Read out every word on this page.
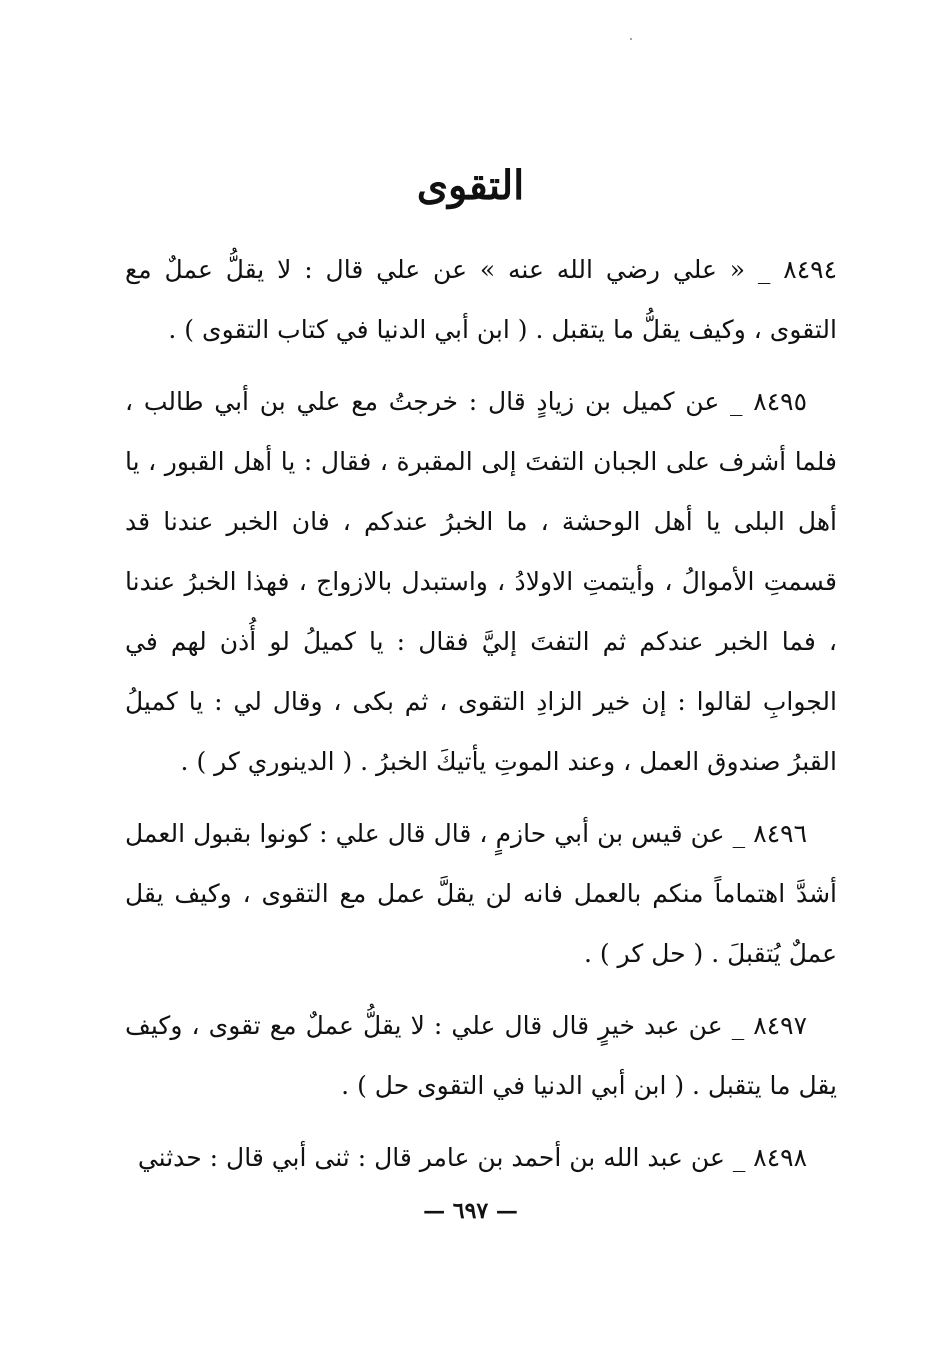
التقوى

٨٤٩٤ _ « علي رضي الله عنه » عن علي قال : لا يقلُّ عملٌ مع التقوى ، وكيف يقلُّ ما يتقبل . ( ابن أبي الدنيا في كتاب التقوى ) .

٨٤٩٥ _ عن كميل بن زيادٍ قال : خرجتُ مع علي بن أبي طالب ، فلما أشرف على الجبان التفتَ إلى المقبرة ، فقال : يا أهل القبور ، يا أهل البلى يا أهل الوحشة ، ما الخبرُ عندكم ، فان الخبر عندنا قد قسمتِ الأموالُ ، وأيتمتِ الاولادُ ، واستبدل بالازواج ، فهذا الخبرُ عندنا ، فما الخبر عندكم ثم التفتَ إليَّ فقال : يا كميلُ لو أُذن لهم في الجوابِ لقالوا : إن خير الزادِ التقوى ، ثم بكى ، وقال لي : يا كميلُ القبرُ صندوق العمل ، وعند الموتِ يأتيكَ الخبرُ . ( الدينوري كر ) .

٨٤٩٦ _ عن قيس بن أبي حازمٍ ، قال قال علي : كونوا بقبول العمل أشدَّ اهتماماً منكم بالعمل فانه لن يقلَّ عمل مع التقوى ، وكيف يقل عملٌ يُتقبلَ . ( حل كر ) .

٨٤٩٧ _ عن عبد خيرٍ قال قال علي : لا يقلُّ عملٌ مع تقوى ، وكيف يقل ما يتقبل . ( ابن أبي الدنيا في التقوى حل ) .

٨٤٩٨ _ عن عبد الله بن أحمد بن عامر قال : ثنى أبي قال : حدثني

— ٦٩٧ —
